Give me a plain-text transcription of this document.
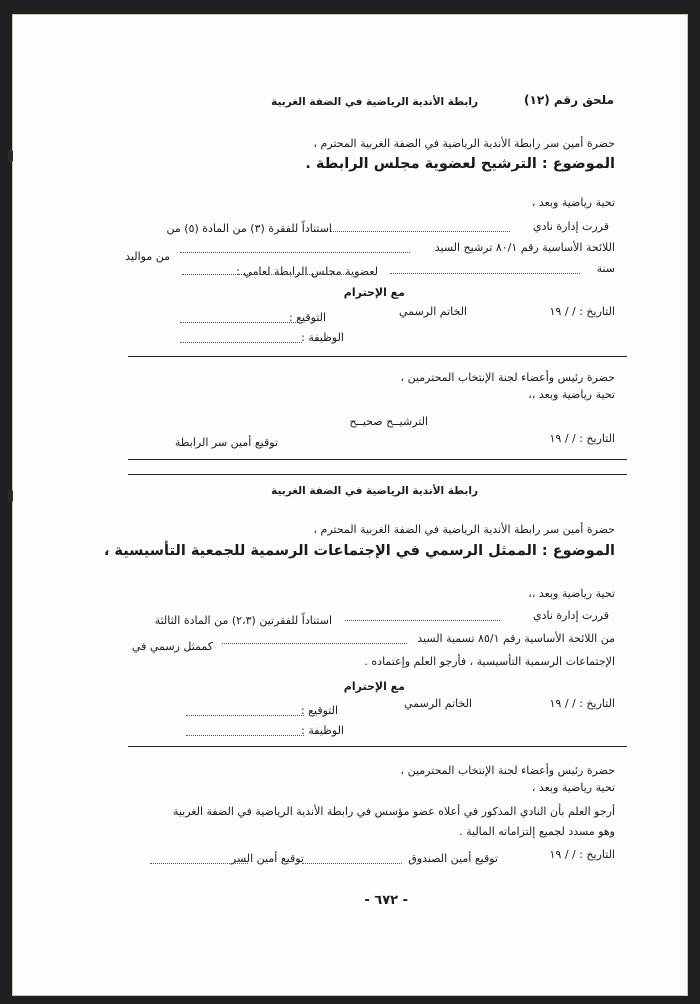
ملحق رقم (١٢)
رابطة الأندية الرياضية في الضفة الغربية
حضرة أمين سر رابطة الأندية الرياضية في الضفة الغربية المحترم ،
الموضوع : الترشيح لعضوية مجلس الرابطة .
تحية رياضية وبعد ،
قررت إدارة نادي
استناداً للفقرة (٣) من المادة (٥) من
اللائحة الأساسية رقم ٨٠/١ ترشيح السيد
من مواليد
سنة
لعضوية مجلس الرابطة لعامي :
مع الإحترام
التاريخ : / / ١٩
الخاتم الرسمي
التوقيع :
الوظيفة :
حضرة رئيس وأعضاء لجنة الإنتخاب المحترمين ،
تحية رياضية وبعد ،،
الترشيــح صحيــح
التاريخ : / / ١٩
توقيع أمين سر الرابطة
رابطة الأندية الرياضية في الضفة الغربية
حضرة أمين سر رابطة الأندية الرياضية في الضفة الغربية المحترم ،
الموضوع : الممثل الرسمي في الإجتماعات الرسمية للجمعية التأسيسية ،
تحية رياضية وبعد ،،
قررت إدارة نادي
استناداً للفقرتين (٢،٣) من المادة الثالثة
من اللائحة الأساسية رقم ٨٥/١ تسمية السيد
كممثل رسمي في
الإجتماعات الرسمية التأسيسية ، فأرجو العلم وإعتماده .
مع الإحترام
التاريخ : / / ١٩
الخاتم الرسمي
التوقيع :
الوظيفة :
حضرة رئيس وأعضاء لجنة الإنتخاب المحترمين ،
تحية رياضية وبعد ،
أرجو العلم بأن النادي المذكور في أعلاه عضو مؤسس في رابطة الأندية الرياضية في الضفة الغربية
وهو مسدد لجميع إلتزاماته المالية .
التاريخ : / / ١٩
توقيع أمين الصندوق
توقيع أمين السر
- ٦٧٢ -
